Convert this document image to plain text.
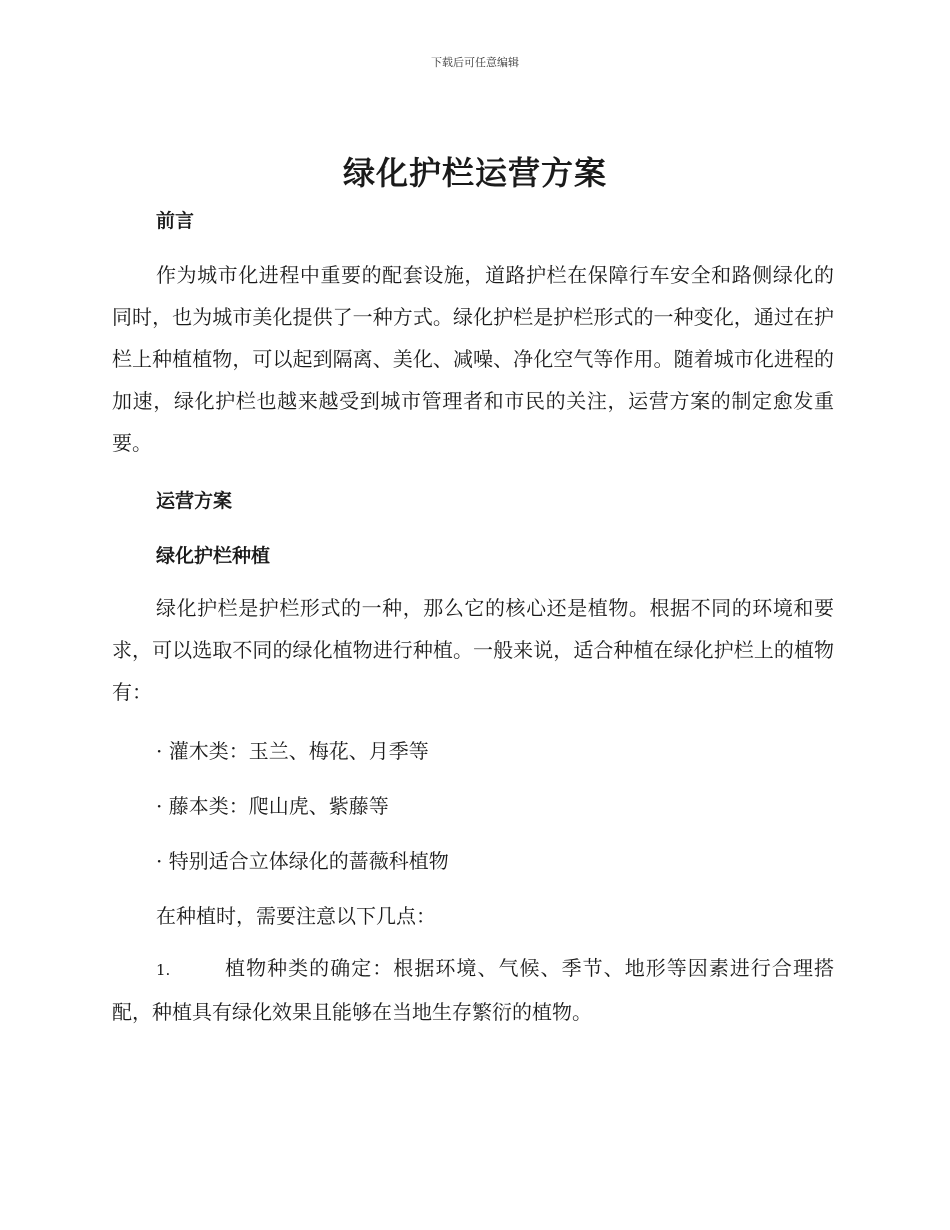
下载后可任意编辑
绿化护栏运营方案
前言

作为城市化进程中重要的配套设施，道路护栏在保障行车安全和路侧绿化的同时，也为城市美化提供了一种方式。绿化护栏是护栏形式的一种变化，通过在护栏上种植植物，可以起到隔离、美化、减噪、净化空气等作用。随着城市化进程的加速，绿化护栏也越来越受到城市管理者和市民的关注，运营方案的制定愈发重要。

运营方案
绿化护栏种植

绿化护栏是护栏形式的一种，那么它的核心还是植物。根据不同的环境和要求，可以选取不同的绿化植物进行种植。一般来说，适合种植在绿化护栏上的植物有：

· 灌木类：玉兰、梅花、月季等

· 藤本类：爬山虎、紫藤等

· 特别适合立体绿化的蔷薇科植物

在种植时，需要注意以下几点：

1.	植物种类的确定：根据环境、气候、季节、地形等因素进行合理搭配，种植具有绿化效果且能够在当地生存繁衍的植物。
